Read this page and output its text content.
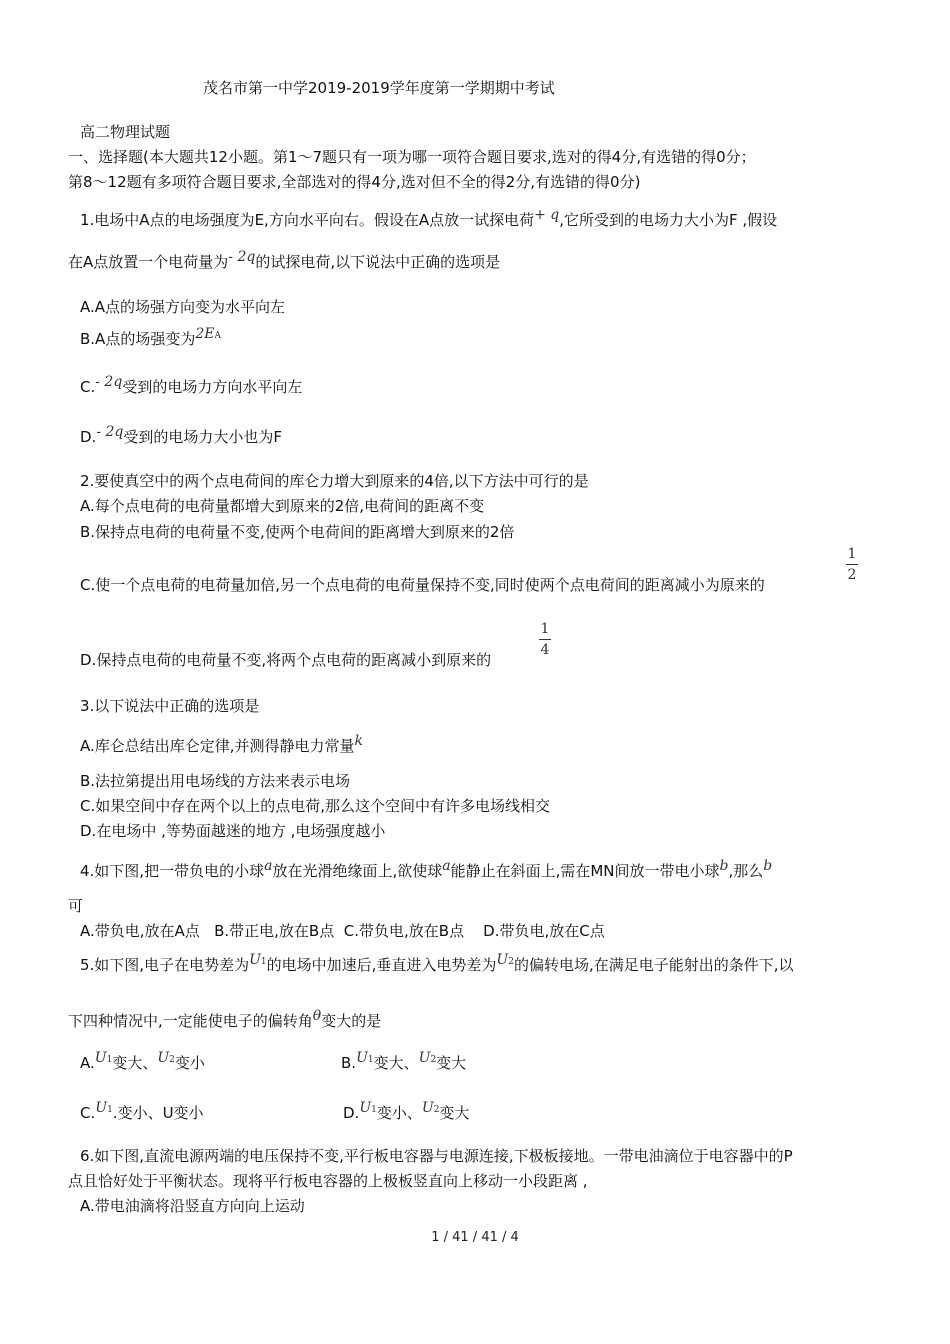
茂名市第一中学2019-2019学年度第一学期期中考试
高二物理试题
一、选择题(本大题共12小题。第1～7题只有一项为哪一项符合题目要求,选对的得4分,有选错的得0分；
第8～12题有多项符合题目要求,全部选对的得4分,选对但不全的得2分,有选错的得0分)
1.电场中A点的电场强度为E,方向水平向右。假设在A点放一试探电荷+ q,它所受到的电场力大小为F ,假设
在A点放置一个电荷量为- 2q的试探电荷,以下说法中正确的选项是
A.A点的场强方向变为水平向左
B.A点的场强变为2EA
C.- 2q受到的电场力方向水平向左
D.- 2q受到的电场力大小也为F
2.要使真空中的两个点电荷间的库仑力增大到原来的4倍,以下方法中可行的是
A.每个点电荷的电荷量都增大到原来的2倍,电荷间的距离不变
B.保持点电荷的电荷量不变,使两个电荷间的距离增大到原来的2倍
C.使一个点电荷的电荷量加倍,另一个点电荷的电荷量保持不变,同时使两个点电荷间的距离减小为原来的
1
2
D.保持点电荷的电荷量不变,将两个点电荷的距离减小到原来的
1
4
3.以下说法中正确的选项是
A.库仑总结出库仑定律,并测得静电力常量k
B.法拉第提出用电场线的方法来表示电场
C.如果空间中存在两个以上的点电荷,那么这个空间中有许多电场线相交
D.在电场中 ,等势面越迷的地方 ,电场强度越小
4.如下图,把一带负电的小球a放在光滑绝缘面上,欲使球a能静止在斜面上,需在MN间放一带电小球b,那么b
可
A.带负电,放在A点 B.带正电,放在B点 C.带负电,放在B点 D.带负电,放在C点
5.如下图,电子在电势差为U1的电场中加速后,垂直进入电势差为U2的偏转电场,在满足电子能射出的条件下,以
下四种情况中,一定能使电子的偏转角θ变大的是
A.U1变大、U2变小	B.U1变大、U2变大
C.U1.变小、U变小	D.U1变小、U2变大
6.如下图,直流电源两端的电压保持不变,平行板电容器与电源连接,下极板接地。一带电油滴位于电容器中的P
点且恰好处于平衡状态。现将平行板电容器的上极板竖直向上移动一小段距离 ,
A.带电油滴将沿竖直方向向上运动
1 / 41 / 41 / 4
